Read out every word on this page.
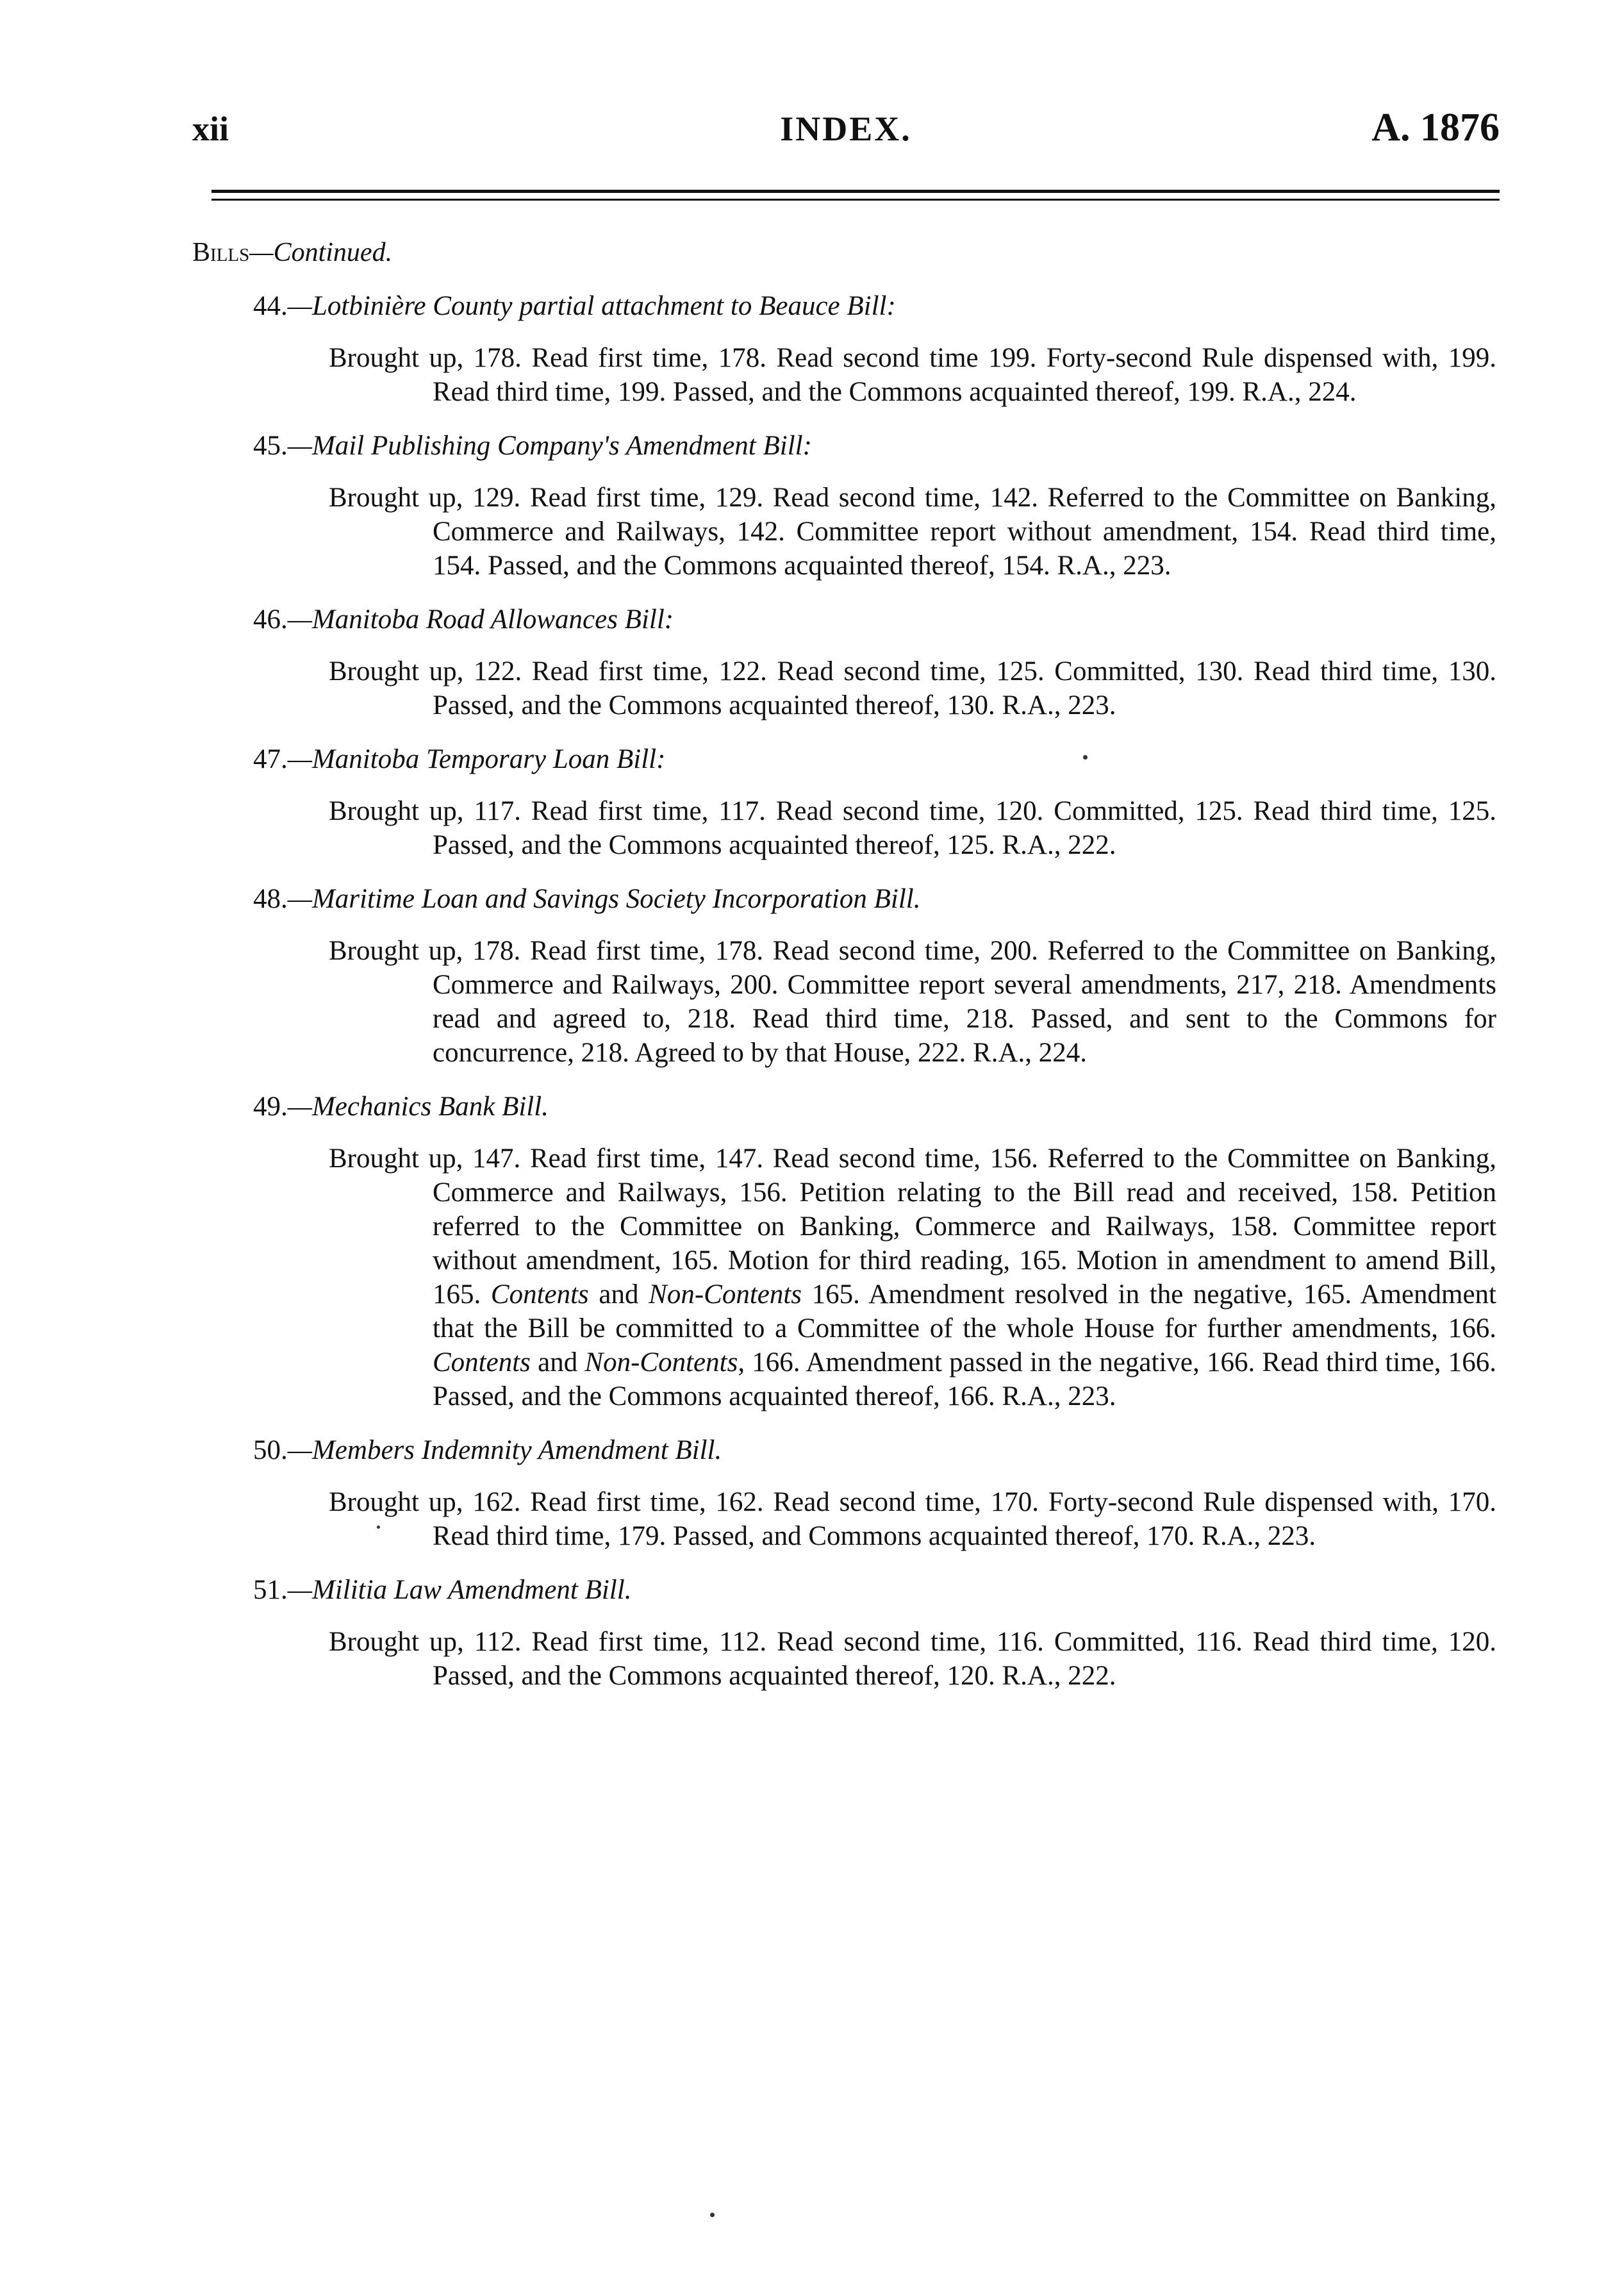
xii	INDEX.	A. 1876
Bills—Continued.
44.—Lotbinière County partial attachment to Beauce Bill:
Brought up, 178. Read first time, 178. Read second time 199. Forty-second Rule dispensed with, 199. Read third time, 199. Passed, and the Commons acquainted thereof, 199. R.A., 224.
45.—Mail Publishing Company's Amendment Bill:
Brought up, 129. Read first time, 129. Read second time, 142. Referred to the Committee on Banking, Commerce and Railways, 142. Committee report without amendment, 154. Read third time, 154. Passed, and the Commons acquainted thereof, 154. R.A., 223.
46.—Manitoba Road Allowances Bill:
Brought up, 122. Read first time, 122. Read second time, 125. Committed, 130. Read third time, 130. Passed, and the Commons acquainted thereof, 130. R.A., 223.
47.—Manitoba Temporary Loan Bill:
Brought up, 117. Read first time, 117. Read second time, 120. Committed, 125. Read third time, 125. Passed, and the Commons acquainted thereof, 125. R.A., 222.
48.—Maritime Loan and Savings Society Incorporation Bill.
Brought up, 178. Read first time, 178. Read second time, 200. Referred to the Committee on Banking, Commerce and Railways, 200. Committee report several amendments, 217, 218. Amendments read and agreed to, 218. Read third time, 218. Passed, and sent to the Commons for concurrence, 218. Agreed to by that House, 222. R.A., 224.
49.—Mechanics Bank Bill.
Brought up, 147. Read first time, 147. Read second time, 156. Referred to the Committee on Banking, Commerce and Railways, 156. Petition relating to the Bill read and received, 158. Petition referred to the Committee on Banking, Commerce and Railways, 158. Committee report without amendment, 165. Motion for third reading, 165. Motion in amendment to amend Bill, 165. Contents and Non-Contents 165. Amendment resolved in the negative, 165. Amendment that the Bill be committed to a Committee of the whole House for further amendments, 166. Contents and Non-Contents, 166. Amendment passed in the negative, 166. Read third time, 166. Passed, and the Commons acquainted thereof, 166. R.A., 223.
50.—Members Indemnity Amendment Bill.
Brought up, 162. Read first time, 162. Read second time, 170. Forty-second Rule dispensed with, 170. Read third time, 179. Passed, and Commons acquainted thereof, 170. R.A., 223.
51.—Militia Law Amendment Bill.
Brought up, 112. Read first time, 112. Read second time, 116. Committed, 116. Read third time, 120. Passed, and the Commons acquainted thereof, 120. R.A., 222.
